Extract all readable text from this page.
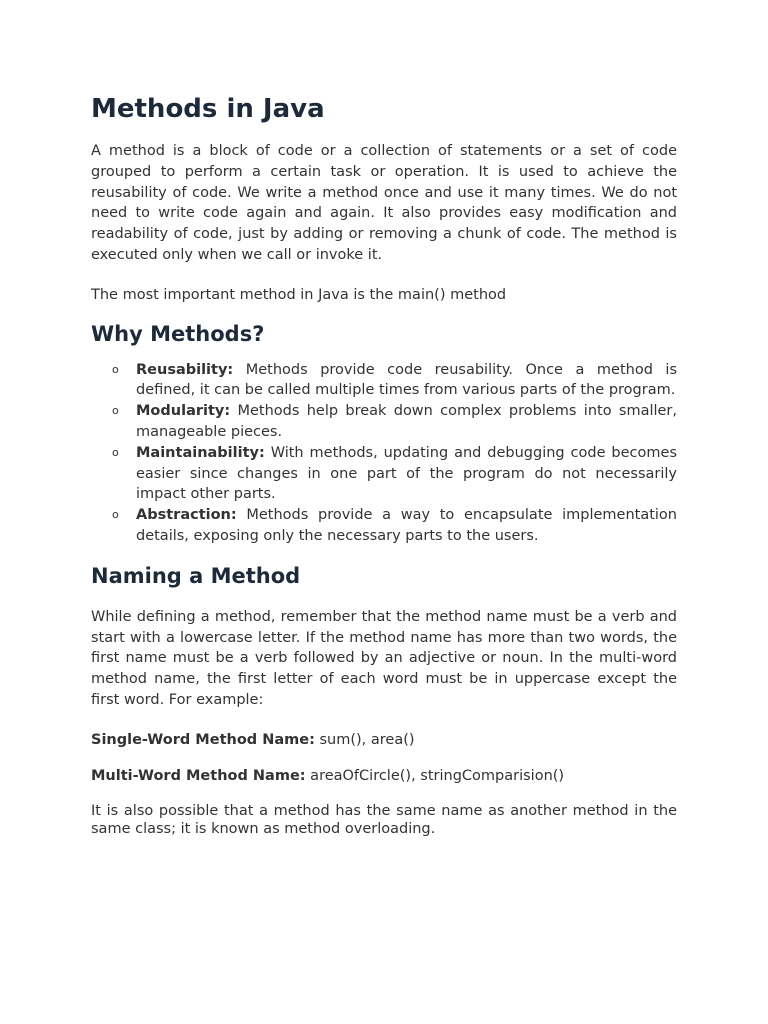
Methods in Java

A method is a block of code or a collection of statements or a set of code grouped to perform a certain task or operation. It is used to achieve the reusability of code. We write a method once and use it many times. We do not need to write code again and again. It also provides easy modification and readability of code, just by adding or removing a chunk of code. The method is executed only when we call or invoke it.

The most important method in Java is the main() method

Why Methods?
o Reusability: Methods provide code reusability. Once a method is defined, it can be called multiple times from various parts of the program.
o Modularity: Methods help break down complex problems into smaller, manageable pieces.
o Maintainability: With methods, updating and debugging code becomes easier since changes in one part of the program do not necessarily impact other parts.
o Abstraction: Methods provide a way to encapsulate implementation details, exposing only the necessary parts to the users.
Naming a Method

While defining a method, remember that the method name must be a verb and start with a lowercase letter. If the method name has more than two words, the first name must be a verb followed by an adjective or noun. In the multi-word method name, the first letter of each word must be in uppercase except the first word. For example:

Single-Word Method Name: sum(), area()

Multi-Word Method Name: areaOfCircle(), stringComparision()

It is also possible that a method has the same name as another method in the same class; it is known as method overloading.
